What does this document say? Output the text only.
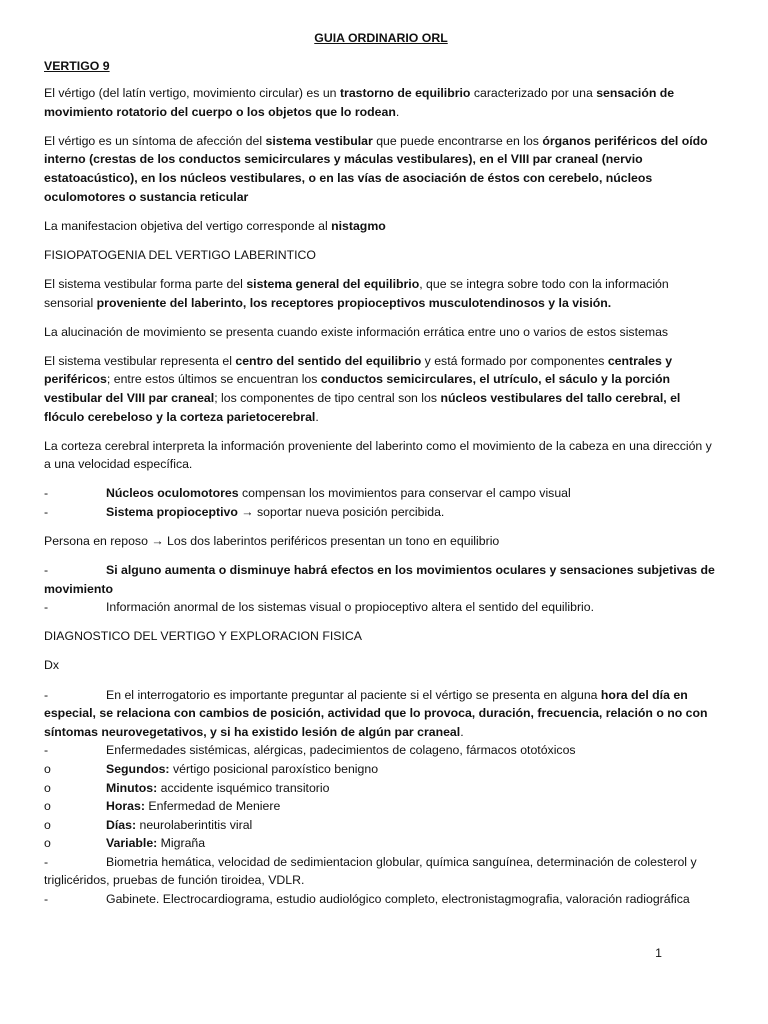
GUIA ORDINARIO ORL

VERTIGO 9

El vértigo (del latín vertigo, movimiento circular) es un trastorno de equilibrio caracterizado por una sensación de movimiento rotatorio del cuerpo o los objetos que lo rodean.

El vértigo es un síntoma de afección del sistema vestibular que puede encontrarse en los órganos periféricos del oído interno (crestas de los conductos semicirculares y máculas vestibulares), en el VIII par craneal (nervio estatoacústico), en los núcleos vestibulares, o en las vías de asociación de éstos con cerebelo, núcleos oculomotores o sustancia reticular

La manifestacion objetiva del vertigo corresponde al nistagmo

FISIOPATOGENIA DEL VERTIGO LABERINTICO

El sistema vestibular forma parte del sistema general del equilibrio, que se integra sobre todo con la información sensorial proveniente del laberinto, los receptores propioceptivos musculotendinosos y la visión.

La alucinación de movimiento se presenta cuando existe información errática entre uno o varios de estos sistemas

El sistema vestibular representa el centro del sentido del equilibrio y está formado por componentes centrales y periféricos; entre estos últimos se encuentran los conductos semicirculares, el utrículo, el sáculo y la porción vestibular del VIII par craneal; los componentes de tipo central son los núcleos vestibulares del tallo cerebral, el flóculo cerebeloso y la corteza parietocerebral.

La corteza cerebral interpreta la información proveniente del laberinto como el movimiento de la cabeza en una dirección y a una velocidad específica.

-	Núcleos oculomotores compensan los movimientos para conservar el campo visual

-	Sistema propioceptivo → soportar nueva posición percibida.

Persona en reposo → Los dos laberintos periféricos presentan un tono en equilibrio

-	Si alguno aumenta o disminuye habrá efectos en los movimientos oculares y sensaciones subjetivas de movimiento

-	Información anormal de los sistemas visual o propioceptivo altera el sentido del equilibrio.

DIAGNOSTICO DEL VERTIGO Y EXPLORACION FISICA

Dx

-	En el interrogatorio es importante preguntar al paciente si el vértigo se presenta en alguna hora del día en especial, se relaciona con cambios de posición, actividad que lo provoca, duración, frecuencia, relación o no con síntomas neurovegetativos, y si ha existido lesión de algún par craneal.

-	Enfermedades sistémicas, alérgicas, padecimientos de colageno, fármacos ototóxicos

o	Segundos: vértigo posicional paroxístico benigno

o	Minutos: accidente isquémico transitorio

o	Horas: Enfermedad de Meniere

o	Días: neurolaberintitis viral

o	Variable: Migraña

-	Biometria hemática, velocidad de sedimientacion globular, química sanguínea, determinación de colesterol y triglicéridos, pruebas de función tiroidea, VDLR.

-	Gabinete. Electrocardiograma, estudio audiológico completo, electronistagmografia, valoración radiográfica

1
